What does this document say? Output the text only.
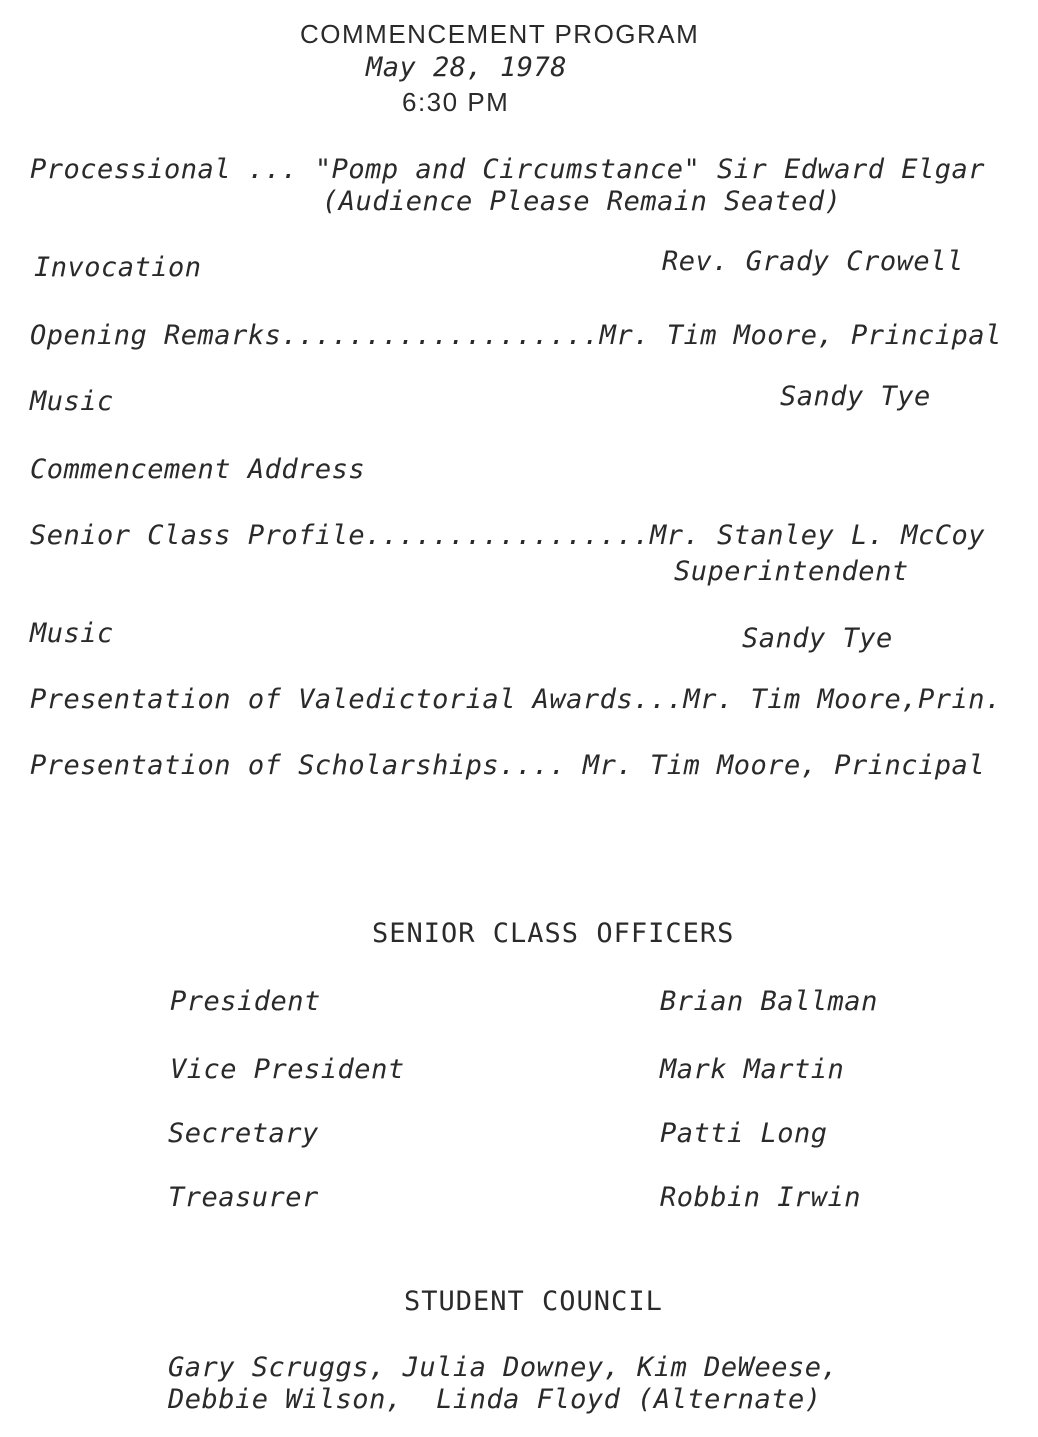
COMMENCEMENT PROGRAM
May 28, 1978
6:30 PM
Processional ... "Pomp and Circumstance" Sir Edward Elgar
(Audience Please Remain Seated)
Invocation	Rev. Grady Crowell
Opening Remarks...................Mr. Tim Moore, Principal
Music	Sandy Tye
Commencement Address
Senior Class Profile.................Mr. Stanley L. McCoy
Superintendent
Music	Sandy Tye
Presentation of Valedictorial Awards...Mr. Tim Moore,Prin.
Presentation of Scholarships.... Mr. Tim Moore, Principal
SENIOR CLASS OFFICERS
President	Brian Ballman
Vice President	Mark Martin
Secretary	Patti Long
Treasurer	Robbin Irwin
STUDENT COUNCIL
Gary Scruggs, Julia Downey, Kim DeWeese,
Debbie Wilson,  Linda Floyd (Alternate)
